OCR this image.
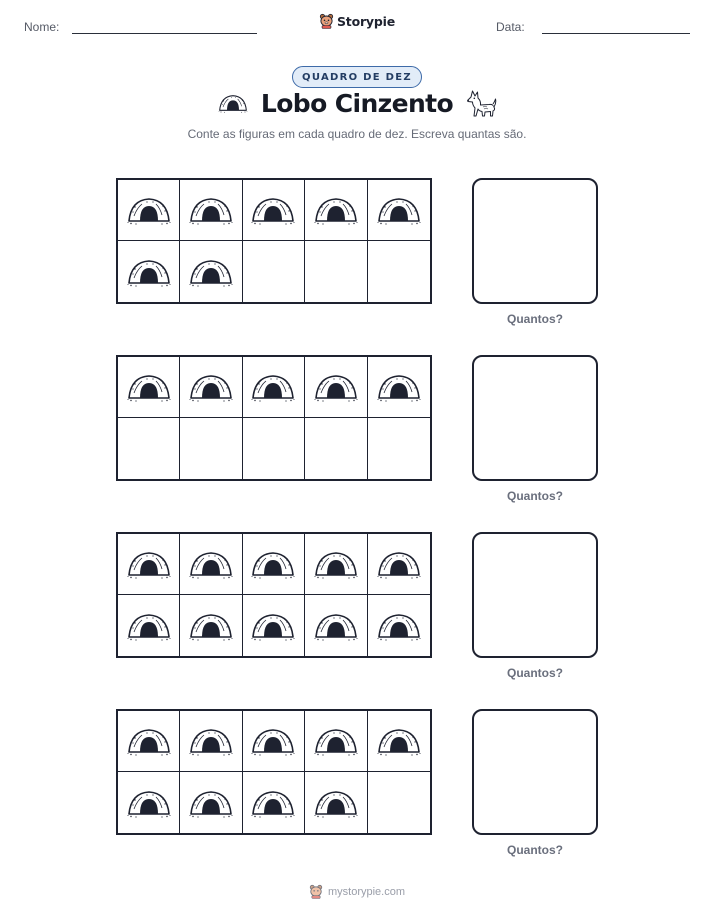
Nome:	Storypie	Data:
QUADRO DE DEZ
Lobo Cinzento
Conte as figuras em cada quadro de dez. Escreva quantas são.
Quantos?
Quantos?
Quantos?
Quantos?
mystorypie.com
